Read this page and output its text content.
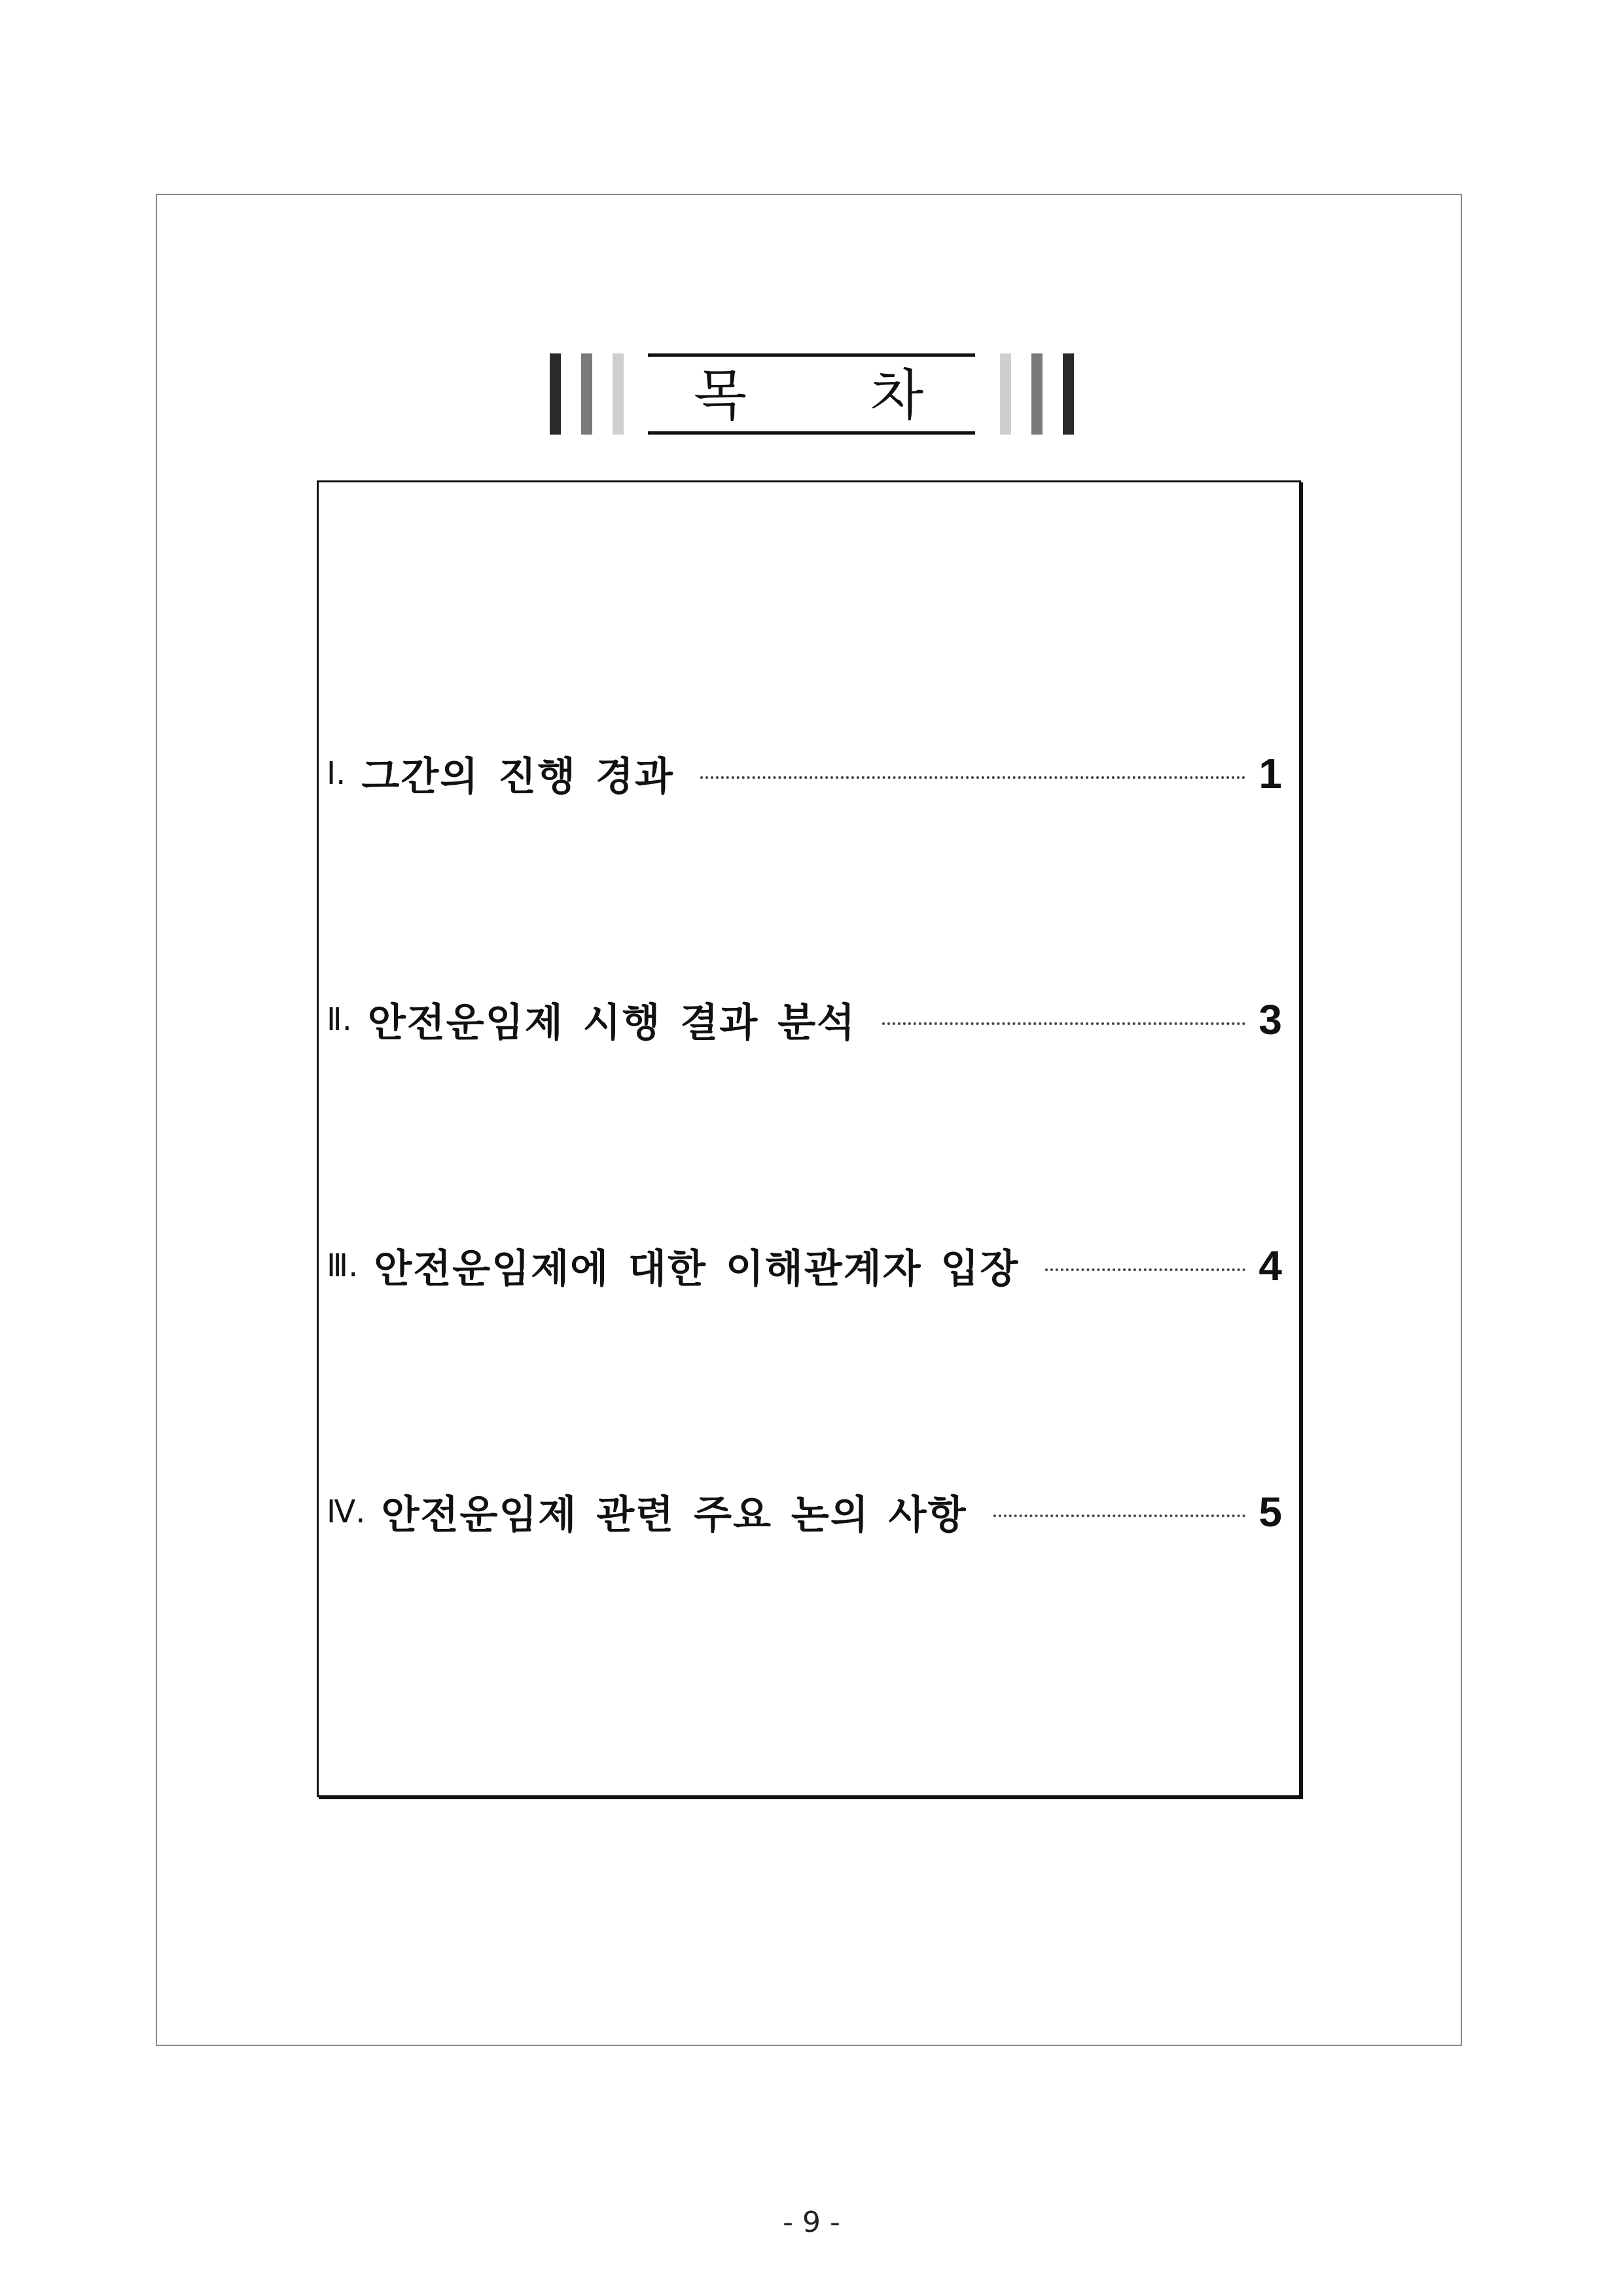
목 차
Ⅰ. 그간의 진행 경과	1
Ⅱ. 안전운임제 시행 결과 분석	3
Ⅲ. 안전운임제에 대한 이해관계자 입장	4
Ⅳ. 안전운임제 관련 주요 논의 사항	5
- 9 -
